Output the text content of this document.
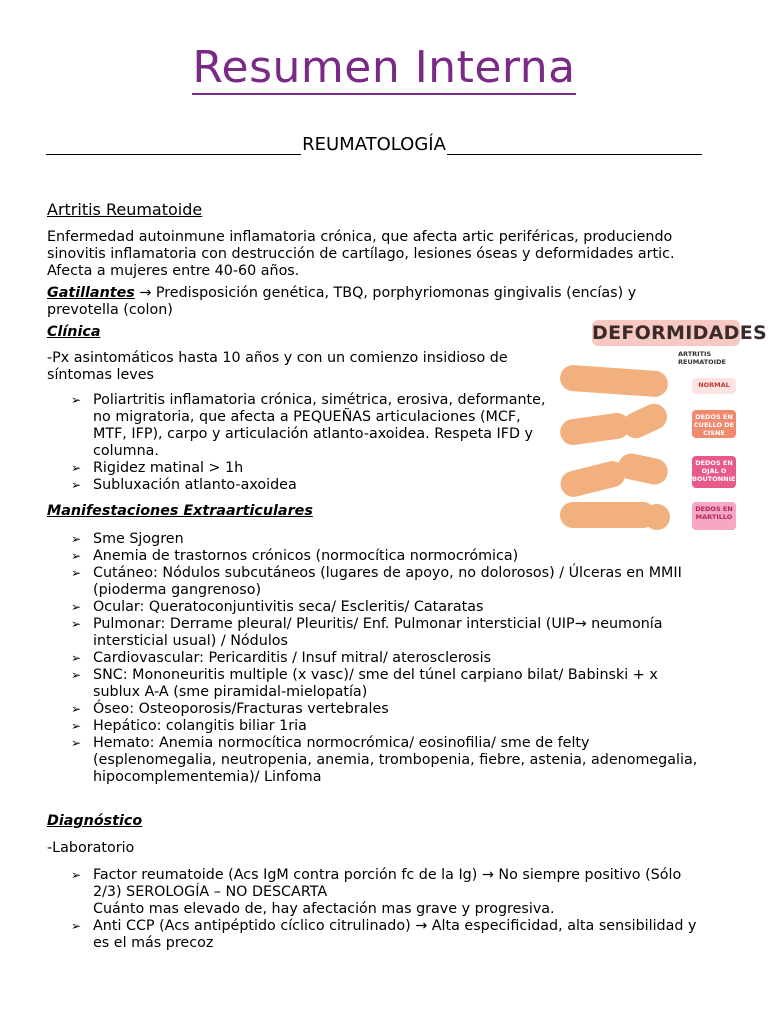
Resumen Interna
REUMATOLOGÍA
Artritis Reumatoide

Enfermedad autoinmune inflamatoria crónica, que afecta artic periféricas, produciendo sinovitis inflamatoria con destrucción de cartílago, lesiones óseas y deformidades artic. Afecta a mujeres entre 40-60 años.

Gatillantes → Predisposición genética, TBQ, porphyriomonas gingivalis (encías) y prevotella (colon)

Clínica

-Px asintomáticos hasta 10 años y con un comienzo insidioso de síntomas leves

➢ Poliartritis inflamatoria crónica, simétrica, erosiva, deformante, no migratoria, que afecta a PEQUEÑAS articulaciones (MCF, MTF, IFP), carpo y articulación atlanto-axoidea. Respeta IFD y columna.
➢ Rigidez matinal > 1h
➢ Subluxación atlanto-axoidea

Manifestaciones Extraarticulares

➢ Sme Sjogren
➢ Anemia de trastornos crónicos (normocítica normocrómica)
➢ Cutáneo: Nódulos subcutáneos (lugares de apoyo, no dolorosos) / Úlceras en MMII (pioderma gangrenoso)
➢ Ocular: Queratoconjuntivitis seca/ Escleritis/ Cataratas
➢ Pulmonar: Derrame pleural/ Pleuritis/ Enf. Pulmonar intersticial (UIP→ neumonía intersticial usual) / Nódulos
➢ Cardiovascular: Pericarditis / Insuf mitral/ aterosclerosis
➢ SNC: Mononeuritis multiple (x vasc)/ sme del túnel carpiano bilat/ Babinski + x sublux A-A (sme piramidal-mielopatía)
➢ Óseo: Osteoporosis/Fracturas vertebrales
➢ Hepático: colangitis biliar 1ria
➢ Hemato: Anemia normocítica normocrómica/ eosinofilia/ sme de felty (esplenomegalia, neutropenia, anemia, trombopenia, fiebre, astenia, adenomegalia, hipocomplementemia)/ Linfoma

Diagnóstico

-Laboratorio

➢ Factor reumatoide (Acs IgM contra porción fc de la Ig) → No siempre positivo (Sólo 2/3) SEROLOGÍA – NO DESCARTA
Cuánto mas elevado de, hay afectación mas grave y progresiva.
➢ Anti CCP (Acs antipéptido cíclico citrulinado) → Alta especificidad, alta sensibilidad y es el más precoz
DEFORMIDADES
ARTRITIS REUMATOIDE
NORMAL
DEDOS EN CUELLO DE CISNE
DEDOS EN OJAL O BOUTONNIERE
DEDOS EN MARTILLO
